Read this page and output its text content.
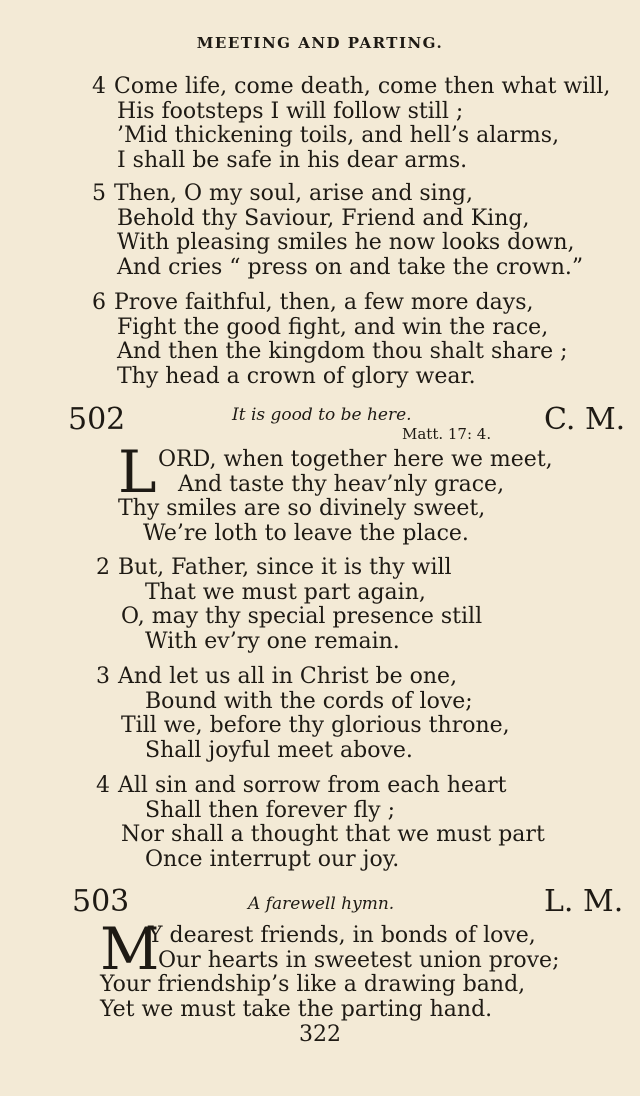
MEETING AND PARTING.
4 Come life, come death, come then what will,
His footsteps I will follow still ;
’Mid thickening toils, and hell’s alarms,
I shall be safe in his dear arms.
5 Then, O my soul, arise and sing,
Behold thy Saviour, Friend and King,
With pleasing smiles he now looks down,
And cries “ press on and take the crown.”
6 Prove faithful, then, a few more days,
Fight the good fight, and win the race,
And then the kingdom thou shalt share ;
Thy head a crown of glory wear.
502	It is good to be here.
Matt. 17: 4. C. M.
L ORD, when together here we meet,
And taste thy heav’nly grace,
Thy smiles are so divinely sweet,
We’re loth to leave the place.
2 But, Father, since it is thy will
That we must part again,
O, may thy special presence still
With ev’ry one remain.
3 And let us all in Christ be one,
Bound with the cords of love;
Till we, before thy glorious throne,
Shall joyful meet above.
4 All sin and sorrow from each heart
Shall then forever fly ;
Nor shall a thought that we must part
Once interrupt our joy.
503	A farewell hymn.	L. M.
M
Y dearest friends, in bonds of love,
Our hearts in sweetest union prove;
Your friendship’s like a drawing band,
Yet we must take the parting hand.
322
